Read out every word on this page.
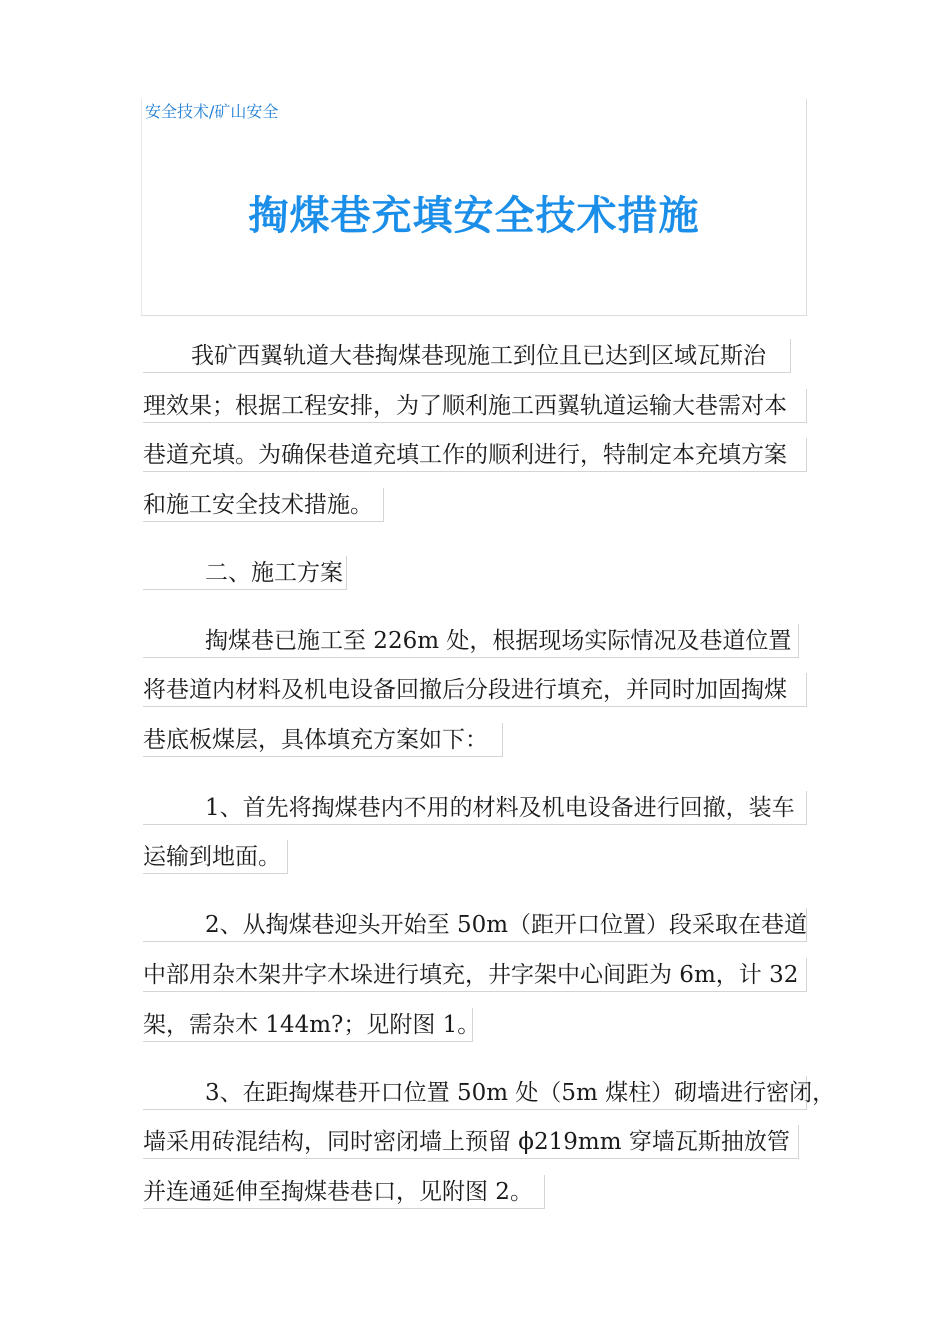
安全技术/矿山安全
掏煤巷充填安全技术措施
我矿西翼轨道大巷掏煤巷现施工到位且已达到区域瓦斯治
理效果；根据工程安排，为了顺利施工西翼轨道运输大巷需对本
巷道充填。为确保巷道充填工作的顺利进行，特制定本充填方案
和施工安全技术措施。
二、施工方案
掏煤巷已施工至 226m 处，根据现场实际情况及巷道位置
将巷道内材料及机电设备回撤后分段进行填充，并同时加固掏煤
巷底板煤层，具体填充方案如下：
1、首先将掏煤巷内不用的材料及机电设备进行回撤，装车
运输到地面。
2、从掏煤巷迎头开始至 50m（距开口位置）段采取在巷道
中部用杂木架井字木垛进行填充，井字架中心间距为 6m，计 32
架，需杂木 144m?；见附图 1。
3、在距掏煤巷开口位置 50m 处（5m 煤柱）砌墙进行密闭，
墙采用砖混结构，同时密闭墙上预留 ϕ219mm 穿墙瓦斯抽放管
并连通延伸至掏煤巷巷口，见附图 2。
